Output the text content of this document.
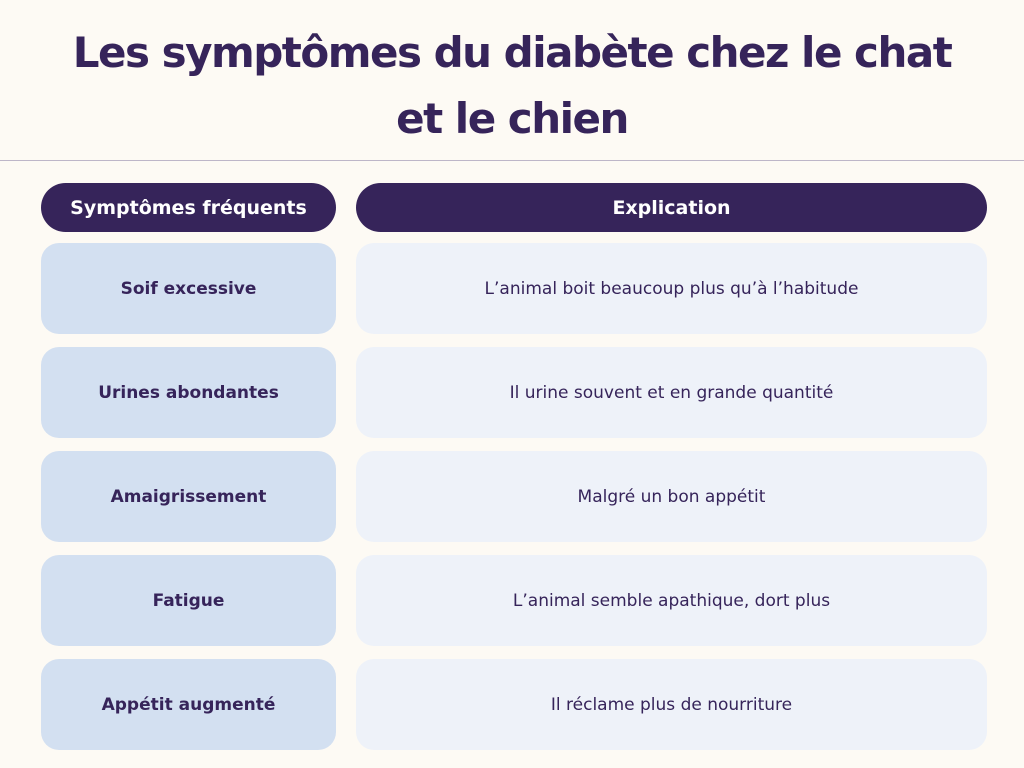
Les symptômes du diabète chez le chat et le chien
Symptômes fréquents	Explication
Soif excessive	L’animal boit beaucoup plus qu’à l’habitude
Urines abondantes	Il urine souvent et en grande quantité
Amaigrissement	Malgré un bon appétit
Fatigue	L’animal semble apathique, dort plus
Appétit augmenté	Il réclame plus de nourriture
